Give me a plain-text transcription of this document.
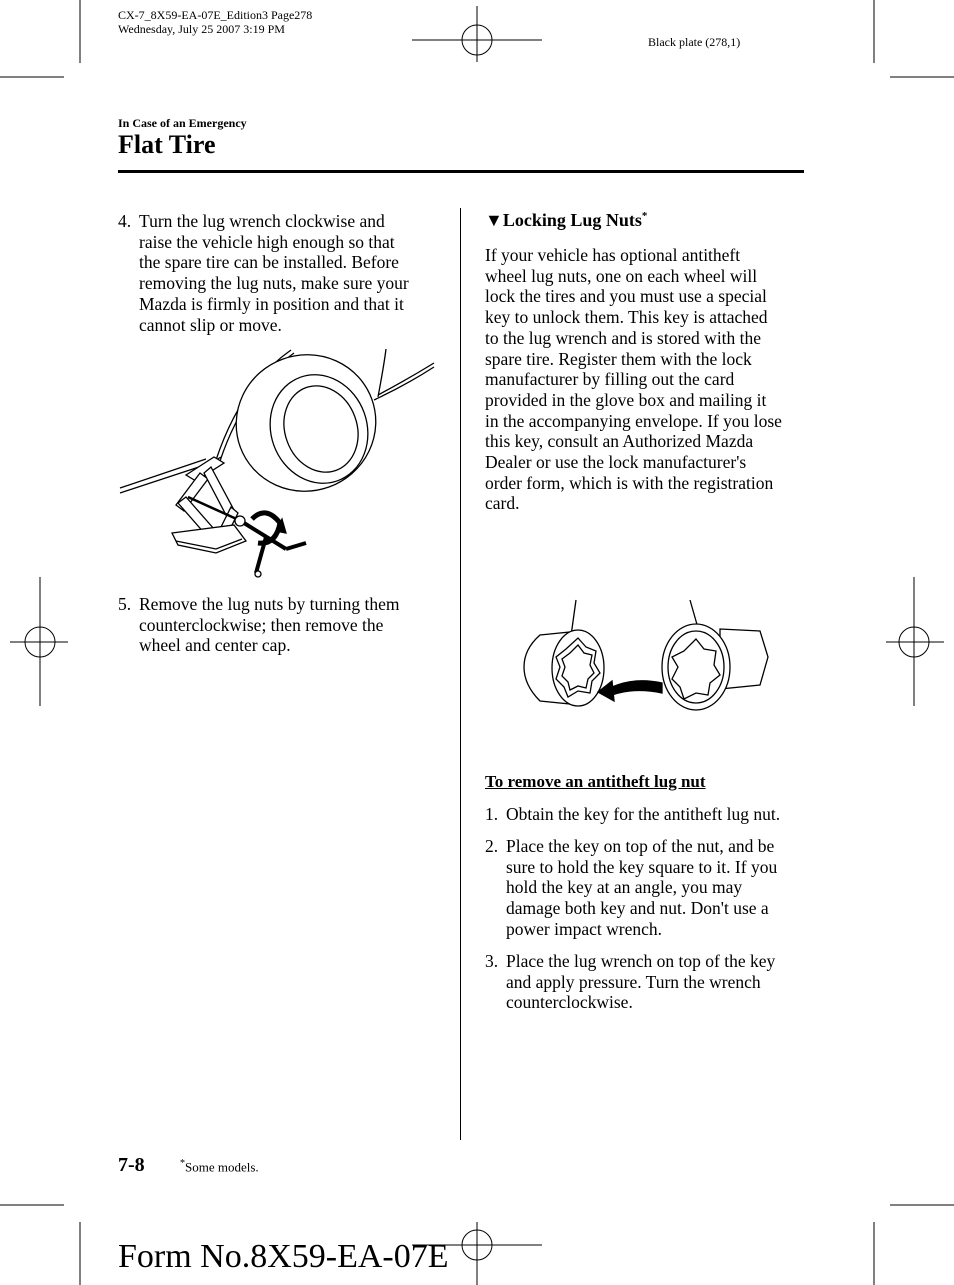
CX-7_8X59-EA-07E_Edition3 Page278
Wednesday, July 25 2007 3:19 PM
Black plate (278,1)
In Case of an Emergency
Flat Tire
4. Turn the lug wrench clockwise and
raise the vehicle high enough so that
the spare tire can be installed. Before
removing the lug nuts, make sure your
Mazda is firmly in position and that it
cannot slip or move.
5. Remove the lug nuts by turning them
counterclockwise; then remove the
wheel and center cap.
▼Locking Lug Nuts*
If your vehicle has optional antitheft
wheel lug nuts, one on each wheel will
lock the tires and you must use a special
key to unlock them. This key is attached
to the lug wrench and is stored with the
spare tire. Register them with the lock
manufacturer by filling out the card
provided in the glove box and mailing it
in the accompanying envelope. If you lose
this key, consult an Authorized Mazda
Dealer or use the lock manufacturer's
order form, which is with the registration
card.
To remove an antitheft lug nut
1. Obtain the key for the antitheft lug nut.
2. Place the key on top of the nut, and be
sure to hold the key square to it. If you
hold the key at an angle, you may
damage both key and nut. Don't use a
power impact wrench.
3. Place the lug wrench on top of the key
and apply pressure. Turn the wrench
counterclockwise.
7-8	*Some models.
Form No.8X59-EA-07E
